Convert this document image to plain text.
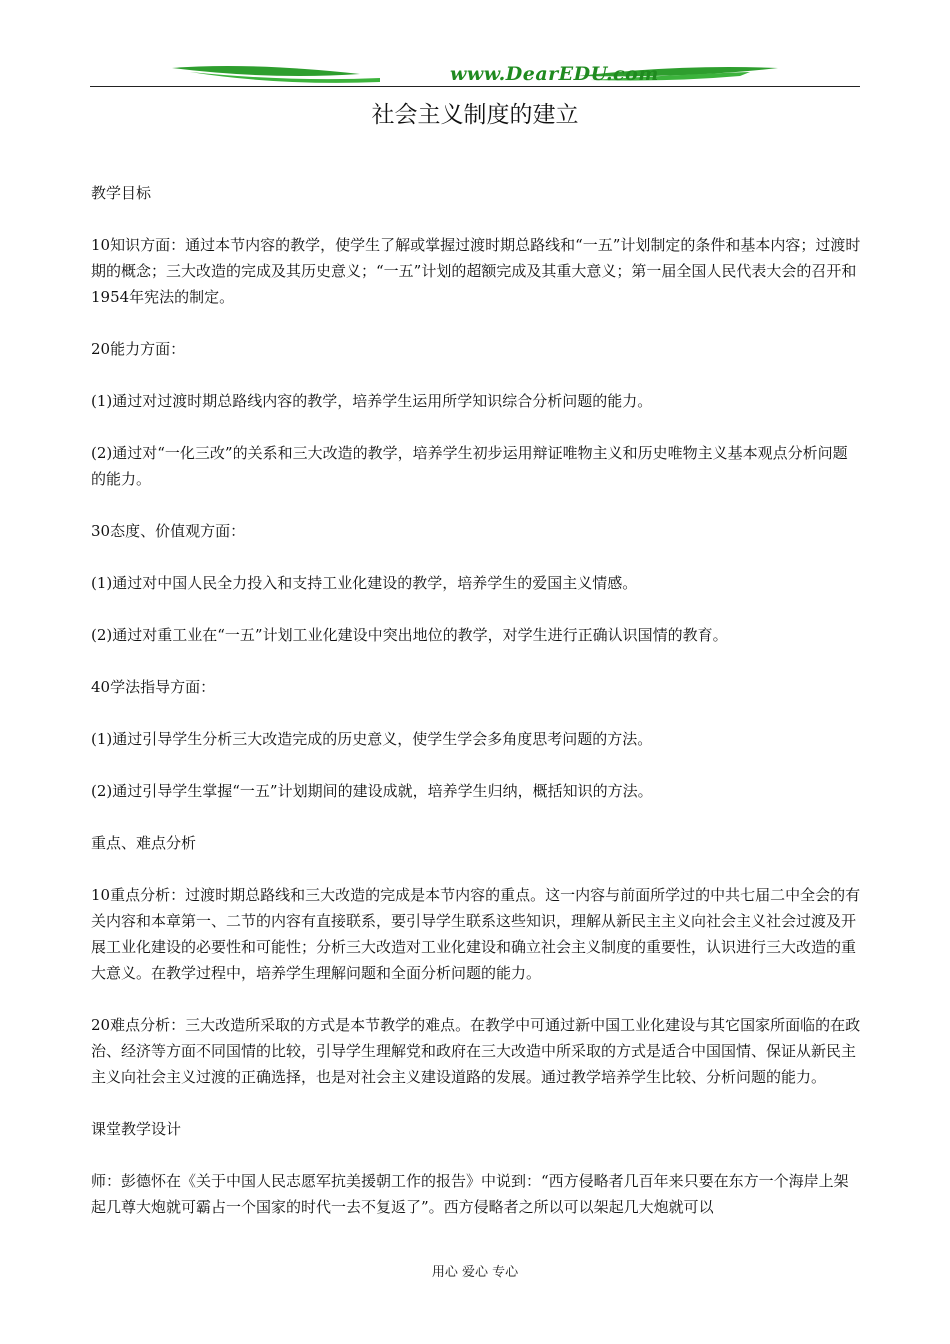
www.DearEDU.com
社会主义制度的建立

教学目标

10知识方面：通过本节内容的教学，使学生了解或掌握过渡时期总路线和“一五”计划制定的条件和基本内容；过渡时期的概念；三大改造的完成及其历史意义；“一五”计划的超额完成及其重大意义；第一届全国人民代表大会的召开和1954年宪法的制定。

20能力方面：

(1)通过对过渡时期总路线内容的教学，培养学生运用所学知识综合分析问题的能力。

(2)通过对“一化三改”的关系和三大改造的教学，培养学生初步运用辩证唯物主义和历史唯物主义基本观点分析问题的能力。

30态度、价值观方面：

(1)通过对中国人民全力投入和支持工业化建设的教学，培养学生的爱国主义情感。

(2)通过对重工业在“一五”计划工业化建设中突出地位的教学，对学生进行正确认识国情的教育。

40学法指导方面：

(1)通过引导学生分析三大改造完成的历史意义，使学生学会多角度思考问题的方法。

(2)通过引导学生掌握“一五”计划期间的建设成就，培养学生归纳，概括知识的方法。

重点、难点分析

10重点分析：过渡时期总路线和三大改造的完成是本节内容的重点。这一内容与前面所学过的中共七届二中全会的有关内容和本章第一、二节的内容有直接联系，要引导学生联系这些知识，理解从新民主主义向社会主义社会过渡及开展工业化建设的必要性和可能性；分析三大改造对工业化建设和确立社会主义制度的重要性，认识进行三大改造的重大意义。在教学过程中，培养学生理解问题和全面分析问题的能力。

20难点分析：三大改造所采取的方式是本节教学的难点。在教学中可通过新中国工业化建设与其它国家所面临的在政治、经济等方面不同国情的比较，引导学生理解党和政府在三大改造中所采取的方式是适合中国国情、保证从新民主主义向社会主义过渡的正确选择，也是对社会主义建设道路的发展。通过教学培养学生比较、分析问题的能力。

课堂教学设计

师：彭德怀在《关于中国人民志愿军抗美援朝工作的报告》中说到：“西方侵略者几百年来只要在东方一个海岸上架起几尊大炮就可霸占一个国家的时代一去不复返了”。西方侵略者之所以可以架起几大炮就可以

用心 爱心 专心
